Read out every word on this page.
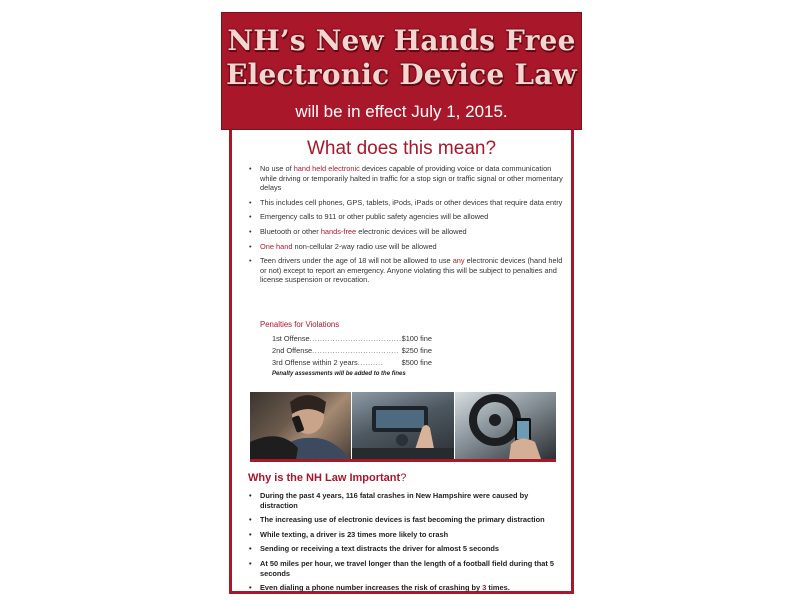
NH’s New Hands Free
Electronic Device Law
will be in effect July 1, 2015.
What does this mean?
• No use of hand held electronic devices capable of providing voice or data communication while driving or temporarily halted in traffic for a stop sign or traffic signal or other momentary delays
• This includes cell phones, GPS, tablets, iPods, iPads or other devices that require data entry
• Emergency calls to 911 or other public safety agencies will be allowed
• Bluetooth or other hands-free electronic devices will be allowed
• One hand non-cellular 2-way radio use will be allowed
• Teen drivers under the age of 18 will not be allowed to use any electronic devices (hand held or not) except to report an emergency. Anyone violating this will be subject to penalties and license suspension or revocation.
Penalties for Violations
1st Offense .................................... $100 fine
2nd Offense .................................. $250 fine
3rd Offense within 2 years ..........	$500 fine
Penalty assessments will be added to the fines
Why is the NH Law Important?
• During the past 4 years, 116 fatal crashes in New Hampshire were caused by distraction
• The increasing use of electronic devices is fast becoming the primary distraction
• While texting, a driver is 23 times more likely to crash
• Sending or receiving a text distracts the driver for almost 5 seconds
• At 50 miles per hour, we travel longer than the length of a football field during that 5 seconds
• Even dialing a phone number increases the risk of crashing by 3 times.
